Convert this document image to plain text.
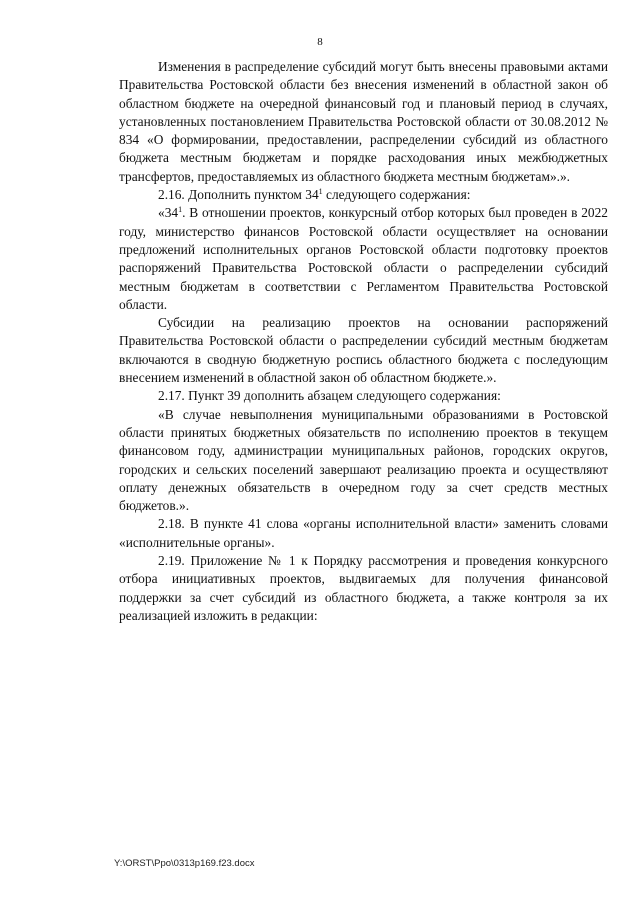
8

Изменения в распределение субсидий могут быть внесены правовыми актами Правительства Ростовской области без внесения изменений в областной закон об областном бюджете на очередной финансовый год и плановый период в случаях, установленных постановлением Правительства Ростовской области от 30.08.2012 № 834 «О формировании, предоставлении, распределении субсидий из областного бюджета местным бюджетам и порядке расходования иных межбюджетных трансфертов, предоставляемых из областного бюджета местным бюджетам».».

2.16. Дополнить пунктом $34^1$ следующего содержания:

«$34^1$. В отношении проектов, конкурсный отбор которых был проведен в 2022 году, министерство финансов Ростовской области осуществляет на основании предложений исполнительных органов Ростовской области подготовку проектов распоряжений Правительства Ростовской области о распределении субсидий местным бюджетам в соответствии с Регламентом Правительства Ростовской области.

Субсидии на реализацию проектов на основании распоряжений Правительства Ростовской области о распределении субсидий местным бюджетам включаются в сводную бюджетную роспись областного бюджета с последующим внесением изменений в областной закон об областном бюджете.».

2.17. Пункт 39 дополнить абзацем следующего содержания:

«В случае невыполнения муниципальными образованиями в Ростовской области принятых бюджетных обязательств по исполнению проектов в текущем финансовом году, администрации муниципальных районов, городских округов, городских и сельских поселений завершают реализацию проекта и осуществляют оплату денежных обязательств в очередном году за счет средств местных бюджетов.».

2.18. В пункте 41 слова «органы исполнительной власти» заменить словами «исполнительные органы».

2.19. Приложение № 1 к Порядку рассмотрения и проведения конкурсного отбора инициативных проектов, выдвигаемых для получения финансовой поддержки за счет субсидий из областного бюджета, а также контроля за их реализацией изложить в редакции:

Y:\ORST\Ppo\0313p169.f23.docx
